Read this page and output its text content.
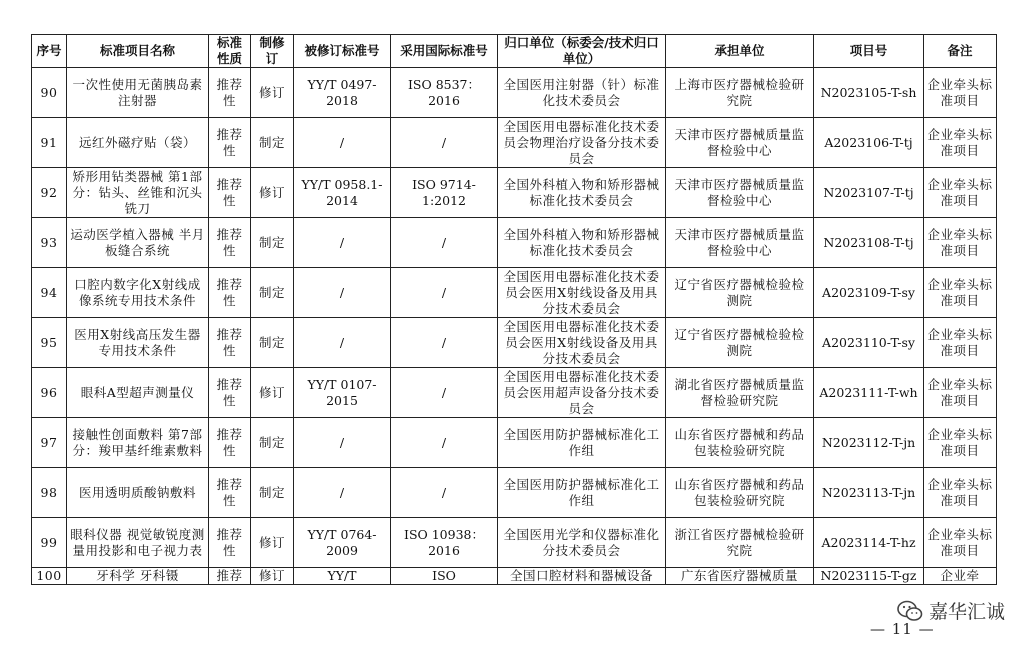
序号	标准项目名称	标准性质	制修订	被修订标准号	采用国际标准号	归口单位（标委会/技术归口单位）	承担单位	项目号	备注
90	一次性使用无菌胰岛素注射器	推荐性	修订	YY/T 0497-2018	ISO 8537：2016	全国医用注射器（针）标准化技术委员会	上海市医疗器械检验研究院	N2023105-T-sh	企业牵头标准项目
91	远红外磁疗贴（袋）	推荐性	制定	/	/	全国医用电器标准化技术委员会物理治疗设备分技术委员会	天津市医疗器械质量监督检验中心	A2023106-T-tj	企业牵头标准项目
92	矫形用钻类器械 第1部分：钻头、丝锥和沉头铣刀	推荐性	修订	YY/T 0958.1-2014	ISO 9714-1:2012	全国外科植入物和矫形器械标准化技术委员会	天津市医疗器械质量监督检验中心	N2023107-T-tj	企业牵头标准项目
93	运动医学植入器械 半月板缝合系统	推荐性	制定	/	/	全国外科植入物和矫形器械标准化技术委员会	天津市医疗器械质量监督检验中心	N2023108-T-tj	企业牵头标准项目
94	口腔内数字化X射线成像系统专用技术条件	推荐性	制定	/	/	全国医用电器标准化技术委员会医用X射线设备及用具分技术委员会	辽宁省医疗器械检验检测院	A2023109-T-sy	企业牵头标准项目
95	医用X射线高压发生器专用技术条件	推荐性	制定	/	/	全国医用电器标准化技术委员会医用X射线设备及用具分技术委员会	辽宁省医疗器械检验检测院	A2023110-T-sy	企业牵头标准项目
96	眼科A型超声测量仪	推荐性	修订	YY/T 0107-2015	/	全国医用电器标准化技术委员会医用超声设备分技术委员会	湖北省医疗器械质量监督检验研究院	A2023111-T-wh	企业牵头标准项目
97	接触性创面敷料 第7部分：羧甲基纤维素敷料	推荐性	制定	/	/	全国医用防护器械标准化工作组	山东省医疗器械和药品包装检验研究院	N2023112-T-jn	企业牵头标准项目
98	医用透明质酸钠敷料	推荐性	制定	/	/	全国医用防护器械标准化工作组	山东省医疗器械和药品包装检验研究院	N2023113-T-jn	企业牵头标准项目
99	眼科仪器 视觉敏锐度测量用投影和电子视力表	推荐性	修订	YY/T 0764-2009	ISO 10938：2016	全国医用光学和仪器标准化分技术委员会	浙江省医疗器械检验研究院	A2023114-T-hz	企业牵头标准项目
100	牙科学 牙科镊	推荐	修订	YY/T	ISO	全国口腔材料和器械设备	广东省医疗器械质量	N2023115-T-gz	企业牵
嘉华汇诚
— 11 —
